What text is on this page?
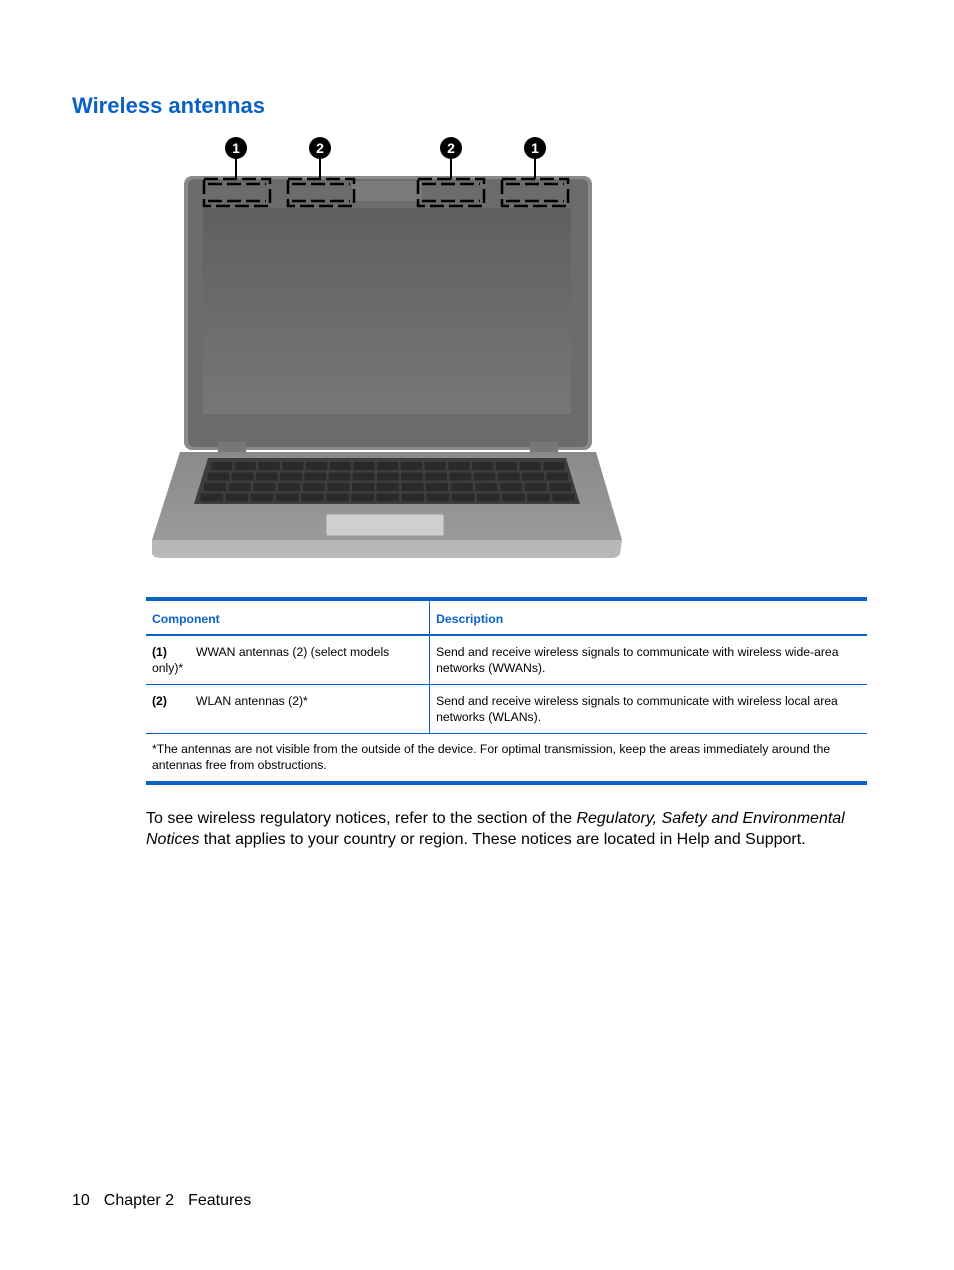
Wireless antennas
1	2	2	1
Component	Description
(1) WWAN antennas (2) (select models only)*	Send and receive wireless signals to communicate with wireless wide-area networks (WWANs).
(2) WLAN antennas (2)*	Send and receive wireless signals to communicate with wireless local area networks (WLANs).
*The antennas are not visible from the outside of the device. For optimal transmission, keep the areas immediately around the antennas free from obstructions.	

To see wireless regulatory notices, refer to the section of the Regulatory, Safety and Environmental Notices that applies to your country or region. These notices are located in Help and Support.

10 Chapter 2 Features
